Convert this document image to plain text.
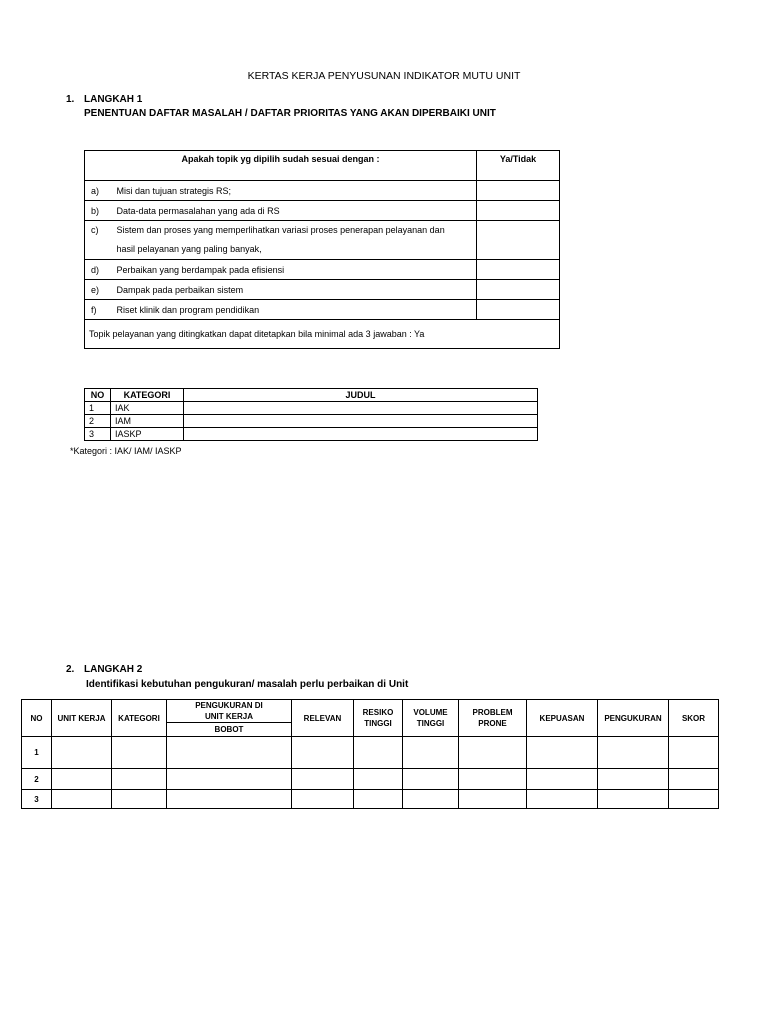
KERTAS KERJA PENYUSUNAN INDIKATOR MUTU UNIT
1. LANGKAH 1
PENENTUAN DAFTAR MASALAH / DAFTAR PRIORITAS YANG AKAN DIPERBAIKI UNIT
Apakah topik yg dipilih sudah sesuai dengan :		Ya/Tidak
a)	Misi dan tujuan strategis RS;	
b)	Data-data permasalahan yang ada di RS	
c)	Sistem dan proses yang memperlihatkan variasi proses penerapan pelayanan dan
hasil pelayanan yang paling banyak,	

d)	Perbaikan yang berdampak pada efisiensi	
e)	Dampak pada perbaikan sistem	
f)	Riset klinik dan program pendidikan	
Topik pelayanan yang ditingkatkan dapat ditetapkan bila minimal ada 3 jawaban : Ya		
NO	KATEGORI	JUDUL
1	IAK	
2	IAM	
3	IASKP	
*Kategori : IAK/ IAM/ IASKP
2. LANGKAH 2
Identifikasi kebutuhan pengukuran/ masalah perlu perbaikan di Unit
NO	UNIT KERJA	KATEGORI	PENGUKURAN DI UNIT KERJA	RELEVAN	RESIKO TINGGI	VOLUME TINGGI	PROBLEM PRONE	KEPUASAN	PENGUKURAN	SKOR
			BOBOT							
1										
2										
3										
